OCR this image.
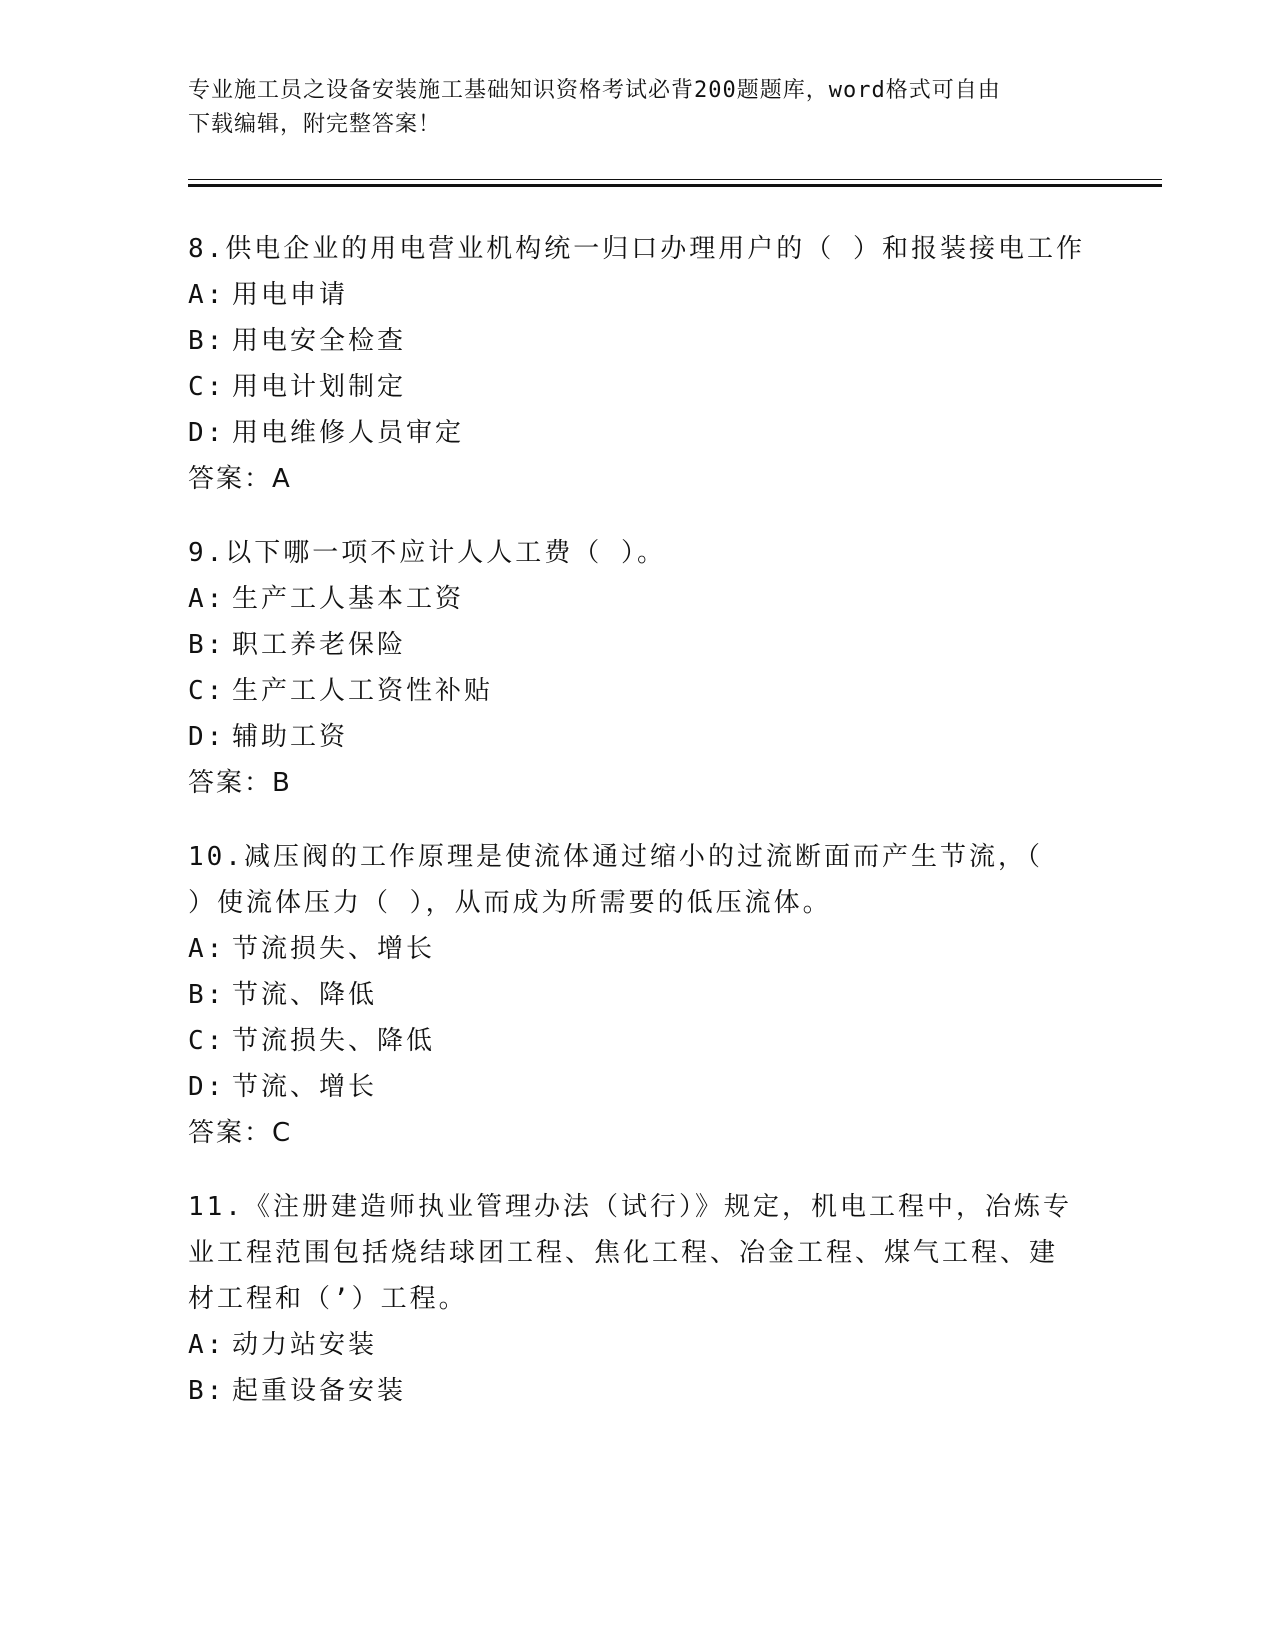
专业施工员之设备安装施工基础知识资格考试必背200题题库，word格式可自由

下载编辑，附完整答案！

8.供电企业的用电营业机构统一归口办理用户的（ ）和报装接电工作
A: 用电申请
B: 用电安全检查
C: 用电计划制定
D: 用电维修人员审定
答案：A
9.以下哪一项不应计人人工费（ ）。
A: 生产工人基本工资
B: 职工养老保险
C: 生产工人工资性补贴
D: 辅助工资
答案：B
10.减压阀的工作原理是使流体通过缩小的过流断面而产生节流，（
）使流体压力（ ），从而成为所需要的低压流体。
A: 节流损失、增长
B: 节流、降低
C: 节流损失、降低
D: 节流、增长
答案：C
11.《注册建造师执业管理办法（试行）》规定，机电工程中，冶炼专
业工程范围包括烧结球团工程、焦化工程、冶金工程、煤气工程、建
材工程和（’）工程。
A: 动力站安装
B: 起重设备安装
